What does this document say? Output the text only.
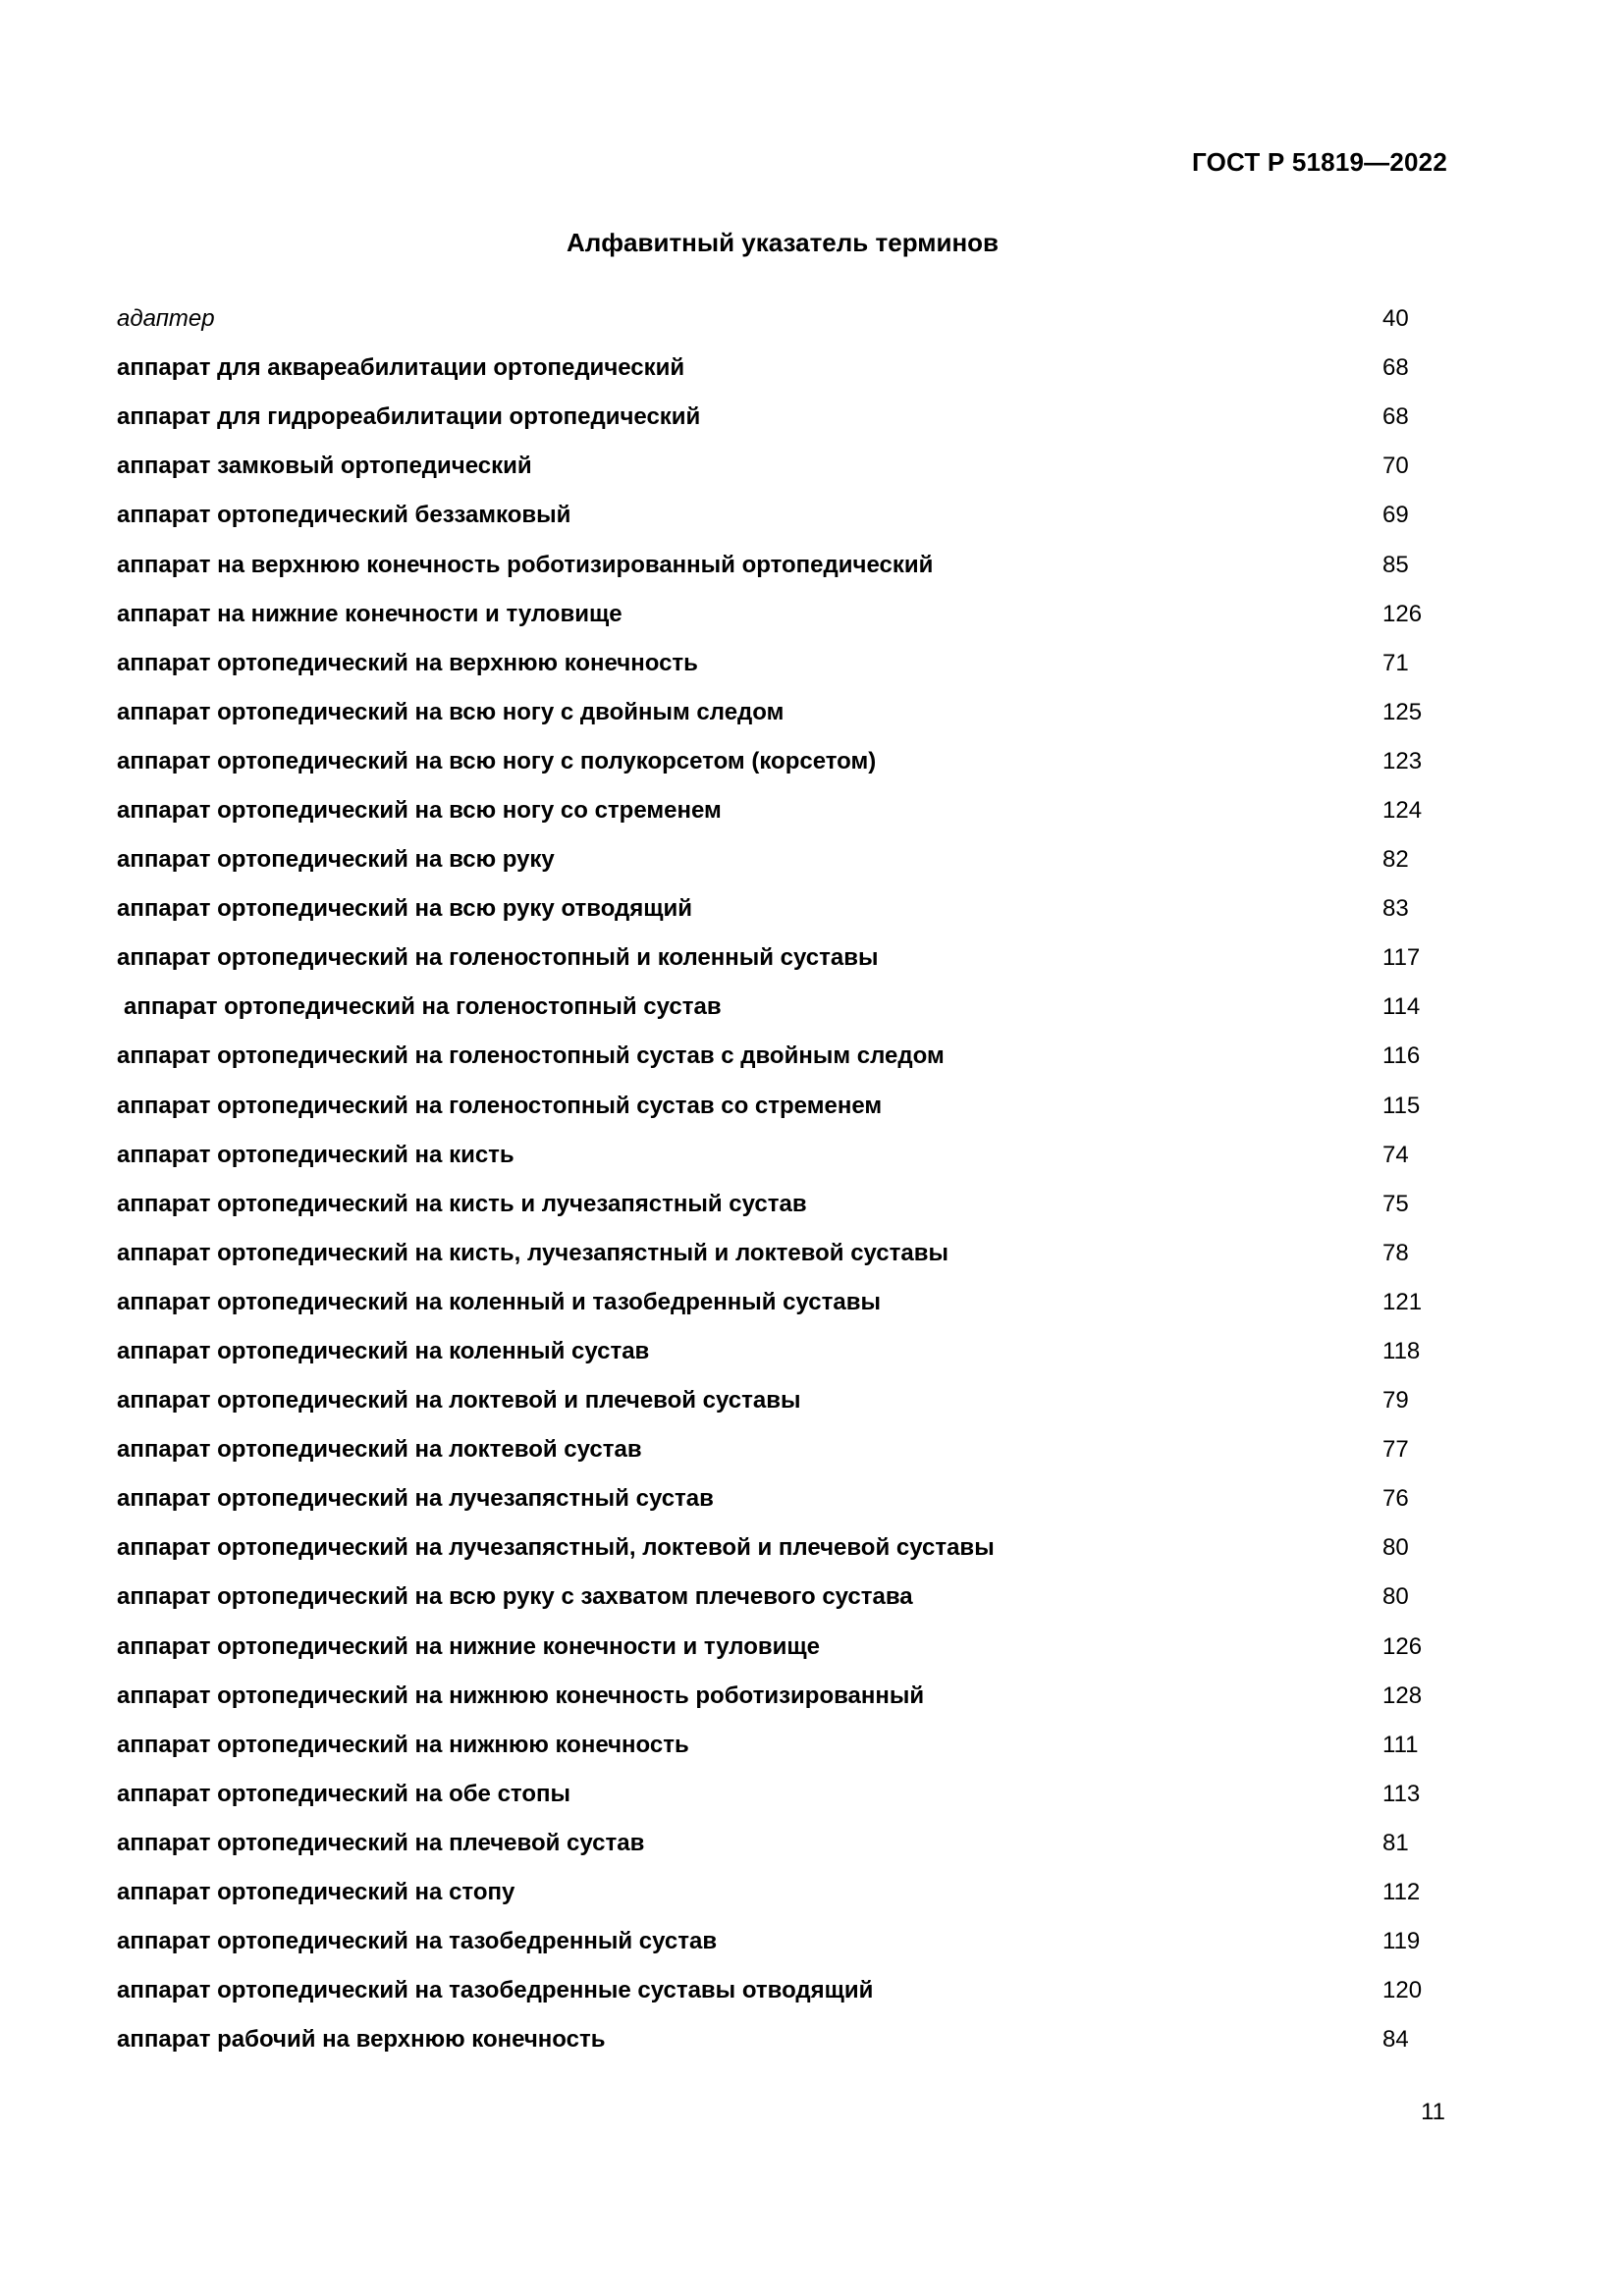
ГОСТ Р 51819—2022
Алфавитный указатель терминов
адаптер	40
аппарат для аквареабилитации ортопедический	68
аппарат для гидрореабилитации ортопедический	68
аппарат замковый ортопедический	70
аппарат ортопедический беззамковый	69
аппарат на верхнюю конечность роботизированный ортопедический	85
аппарат на нижние конечности и туловище	126
аппарат ортопедический на верхнюю конечность	71
аппарат ортопедический на всю ногу с двойным следом	125
аппарат ортопедический на всю ногу с полукорсетом (корсетом)	123
аппарат ортопедический на всю ногу со стременем	124
аппарат ортопедический на всю руку	82
аппарат ортопедический на всю руку отводящий	83
аппарат ортопедический на голеностопный и коленный суставы	117
аппарат ортопедический на голеностопный сустав	114
аппарат ортопедический на голеностопный сустав с двойным следом	116
аппарат ортопедический на голеностопный сустав со стременем	115
аппарат ортопедический на кисть	74
аппарат ортопедический на кисть и лучезапястный сустав	75
аппарат ортопедический на кисть, лучезапястный и локтевой суставы	78
аппарат ортопедический на коленный и тазобедренный суставы	121
аппарат ортопедический на коленный сустав	118
аппарат ортопедический на локтевой и плечевой суставы	79
аппарат ортопедический на локтевой сустав	77
аппарат ортопедический на лучезапястный сустав	76
аппарат ортопедический на лучезапястный, локтевой и плечевой суставы	80
аппарат ортопедический на всю руку с захватом плечевого сустава	80
аппарат ортопедический на нижние конечности и туловище	126
аппарат ортопедический на нижнюю конечность роботизированный	128
аппарат ортопедический на нижнюю конечность	111
аппарат ортопедический на обе стопы	113
аппарат ортопедический на плечевой сустав	81
аппарат ортопедический на стопу	112
аппарат ортопедический на тазобедренный сустав	119
аппарат ортопедический на тазобедренные суставы отводящий	120
аппарат рабочий на верхнюю конечность	84
11
